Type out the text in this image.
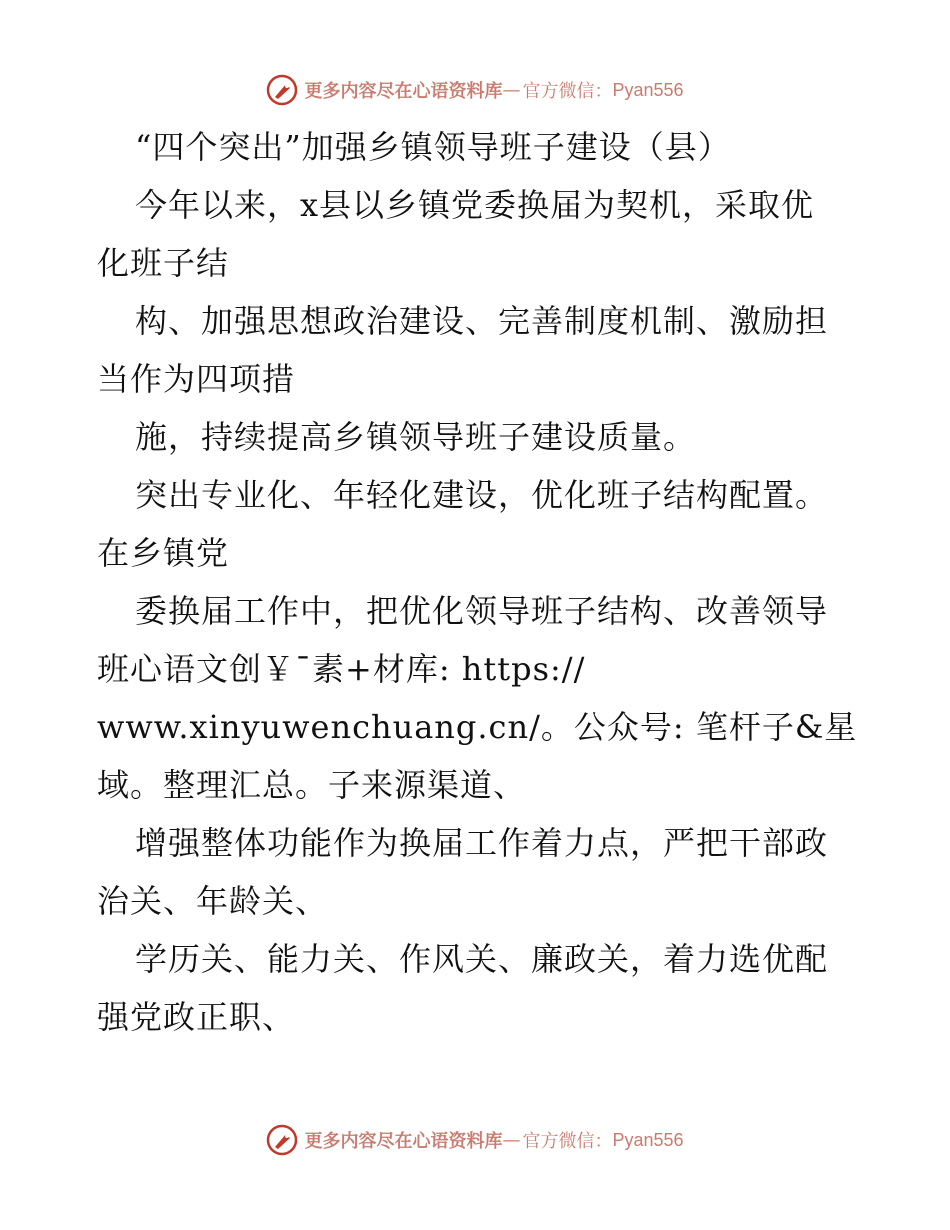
更多内容尽在心语资料库 — 官方微信： Pyan556
“四个突出”加强乡镇领导班子建设（县）
今年以来，x县以乡镇党委换届为契机，采取优
化班子结
构、加强思想政治建设、完善制度机制、激励担
当作为四项措
施，持续提高乡镇领导班子建设质量。
突出专业化、年轻化建设，优化班子结构配置。
在乡镇党
委换届工作中，把优化领导班子结构、改善领导
班心语文创￥¯素+材库: https://
www.xinyuwenchuang.cn/。公众号: 笔杆子&星
域。整理汇总。子来源渠道、
增强整体功能作为换届工作着力点，严把干部政
治关、年龄关、
学历关、能力关、作风关、廉政关，着力选优配
强党政正职、
更多内容尽在心语资料库 — 官方微信： Pyan556
